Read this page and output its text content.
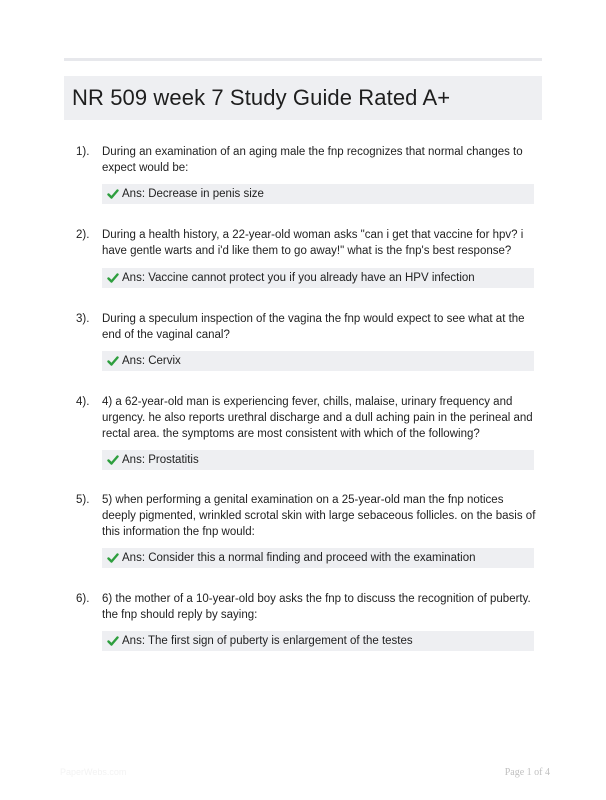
NR 509 week 7 Study Guide Rated A+
1). During an examination of an aging male the fnp recognizes that normal changes to expect would be:
Ans: Decrease in penis size
2). During a health history, a 22-year-old woman asks "can i get that vaccine for hpv? i have gentle warts and i'd like them to go away!" what is the fnp's best response?
Ans: Vaccine cannot protect you if you already have an HPV infection
3). During a speculum inspection of the vagina the fnp would expect to see what at the end of the vaginal canal?
Ans: Cervix
4). 4) a 62-year-old man is experiencing fever, chills, malaise, urinary frequency and urgency. he also reports urethral discharge and a dull aching pain in the perineal and rectal area. the symptoms are most consistent with which of the following?
Ans: Prostatitis
5). 5) when performing a genital examination on a 25-year-old man the fnp notices deeply pigmented, wrinkled scrotal skin with large sebaceous follicles. on the basis of this information the fnp would:
Ans: Consider this a normal finding and proceed with the examination
6). 6) the mother of a 10-year-old boy asks the fnp to discuss the recognition of puberty. the fnp should reply by saying:
Ans: The first sign of puberty is enlargement of the testes
PaperWebs.com	Page 1 of 4
